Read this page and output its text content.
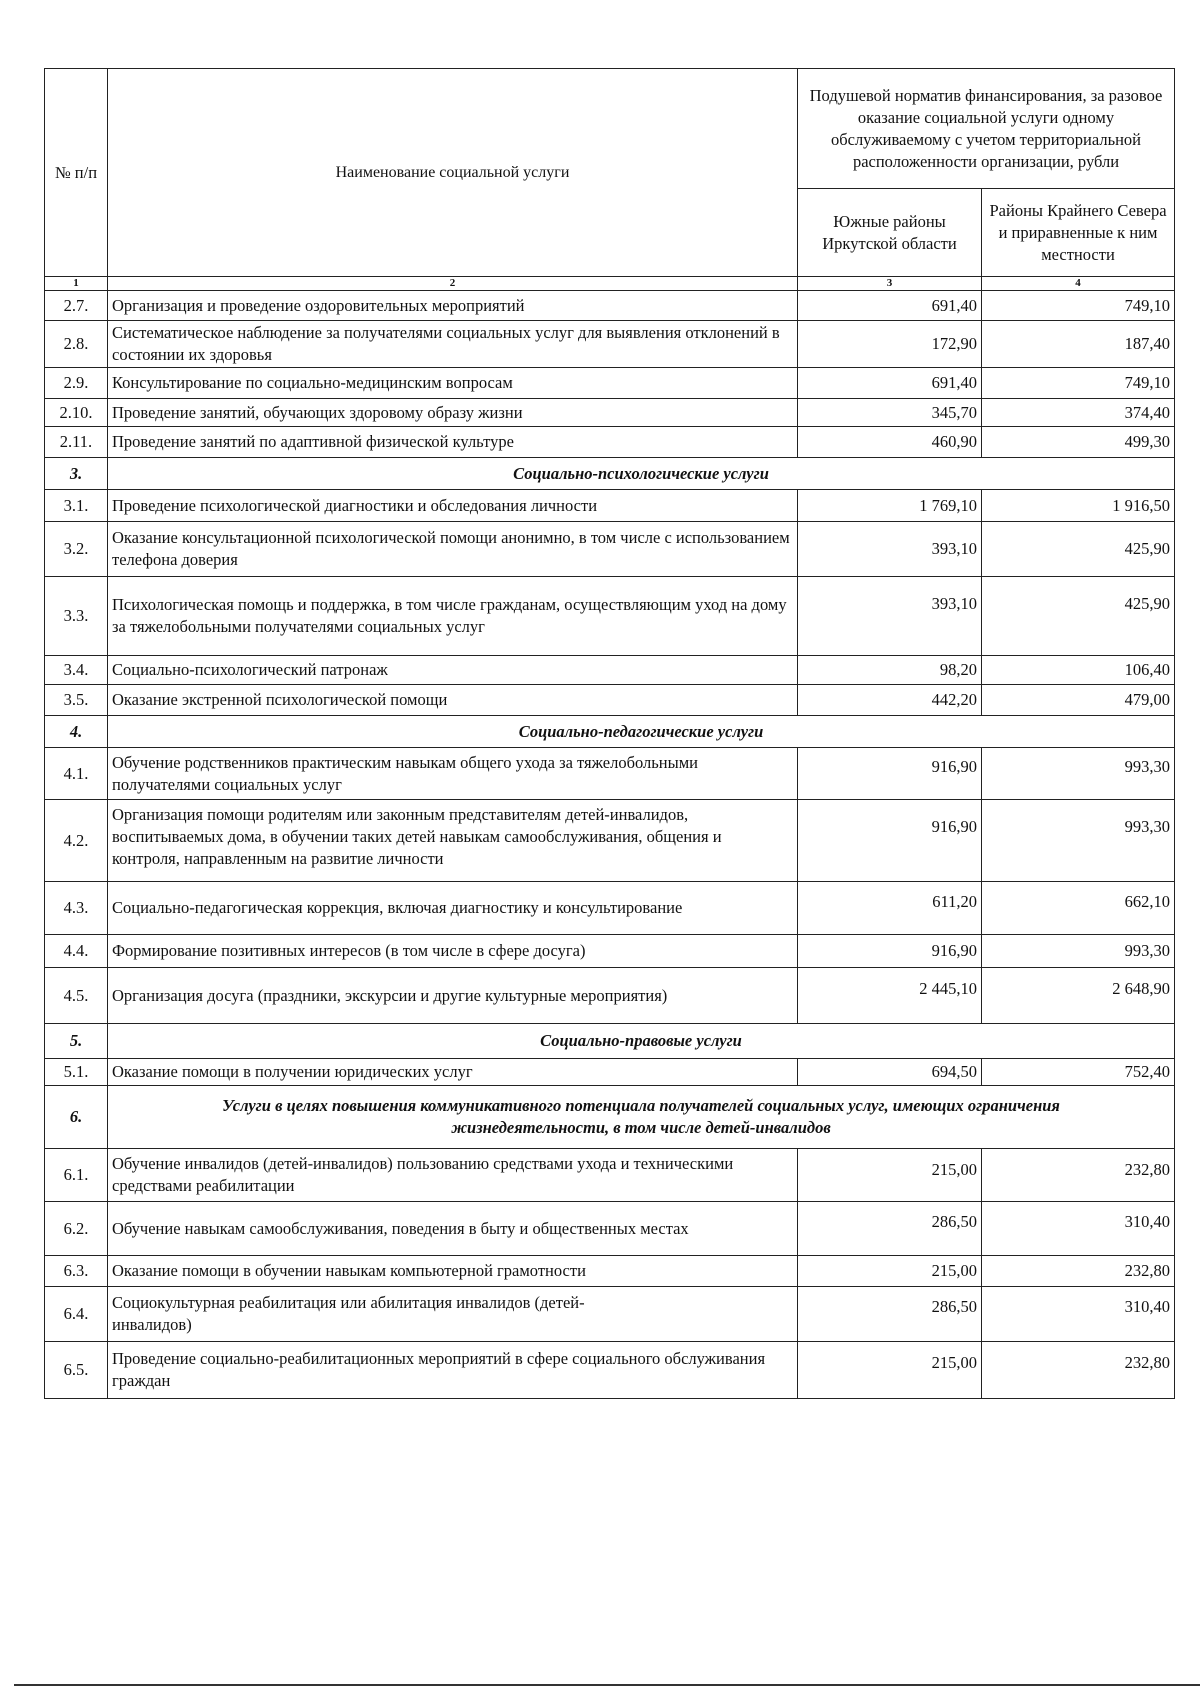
№ п/п	Наименование социальной услуги	Подушевой норматив финансирования, за разовое оказание социальной услуги одному обслуживаемому с учетом территориальной расположенности организации, рубли	
		Южные районы Иркутской области	Районы Крайнего Севера и приравненные к ним местности
1	2	3	4
2.7.	Организация и проведение оздоровительных мероприятий	691,40	749,10
2.8.	Систематическое наблюдение за получателями социальных услуг для выявления отклонений в состоянии их здоровья	172,90	187,40
2.9.	Консультирование по социально-медицинским вопросам	691,40	749,10
2.10.	Проведение занятий, обучающих здоровому образу жизни	345,70	374,40
2.11.	Проведение занятий по адаптивной физической культуре	460,90	499,30
3.	Социально-психологические услуги		
3.1.	Проведение психологической диагностики и обследования личности	1 769,10	1 916,50
3.2.	Оказание консультационной психологической помощи анонимно, в том числе с использованием телефона доверия	393,10	425,90
3.3.	Психологическая помощь и поддержка, в том числе гражданам, осуществляющим уход на дому за тяжелобольными получателями социальных услуг	393,10	425,90
3.4.	Социально-психологический патронаж	98,20	106,40
3.5.	Оказание экстренной психологической помощи	442,20	479,00
4.	Социально-педагогические услуги		
4.1.	Обучение родственников практическим навыкам общего ухода за тяжелобольными получателями социальных услуг	916,90	993,30
4.2.	Организация помощи родителям или законным представителям детей-инвалидов, воспитываемых дома, в обучении таких детей навыкам самообслуживания, общения и контроля, направленным на развитие личности	916,90	993,30
4.3.	Социально-педагогическая коррекция, включая диагностику и консультирование	611,20	662,10
4.4.	Формирование позитивных интересов (в том числе в сфере досуга)	916,90	993,30
4.5.	Организация досуга (праздники, экскурсии и другие культурные мероприятия)	2 445,10	2 648,90
5.	Социально-правовые услуги		
5.1.	Оказание помощи в получении юридических услуг	694,50	752,40
6.	Услуги в целях повышения коммуникативного потенциала получателей социальных услуг, имеющих ограничения жизнедеятельности, в том числе детей-инвалидов		
6.1.	Обучение инвалидов (детей-инвалидов) пользованию средствами ухода и техническими средствами реабилитации	215,00	232,80
6.2.	Обучение навыкам самообслуживания, поведения в быту и общественных местах	286,50	310,40
6.3.	Оказание помощи в обучении навыкам компьютерной грамотности	215,00	232,80
6.4.	Социокультурная реабилитация или абилитация инвалидов (детей-инвалидов)	286,50	310,40
6.5.	Проведение социально-реабилитационных мероприятий в сфере социального обслуживания граждан	215,00	232,80
